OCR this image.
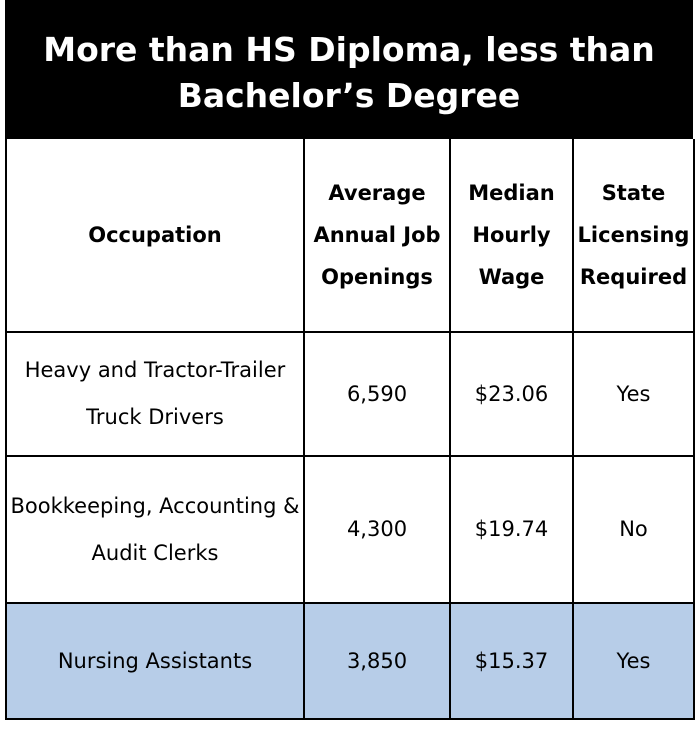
More than HS Diploma, less than Bachelor’s Degree
Occupation	Average Annual Job Openings	Median Hourly Wage	State Licensing Required
Heavy and Tractor-Trailer Truck Drivers	6,590	$23.06	Yes
Bookkeeping, Accounting & Audit Clerks	4,300	$19.74	No
Nursing Assistants	3,850	$15.37	Yes
